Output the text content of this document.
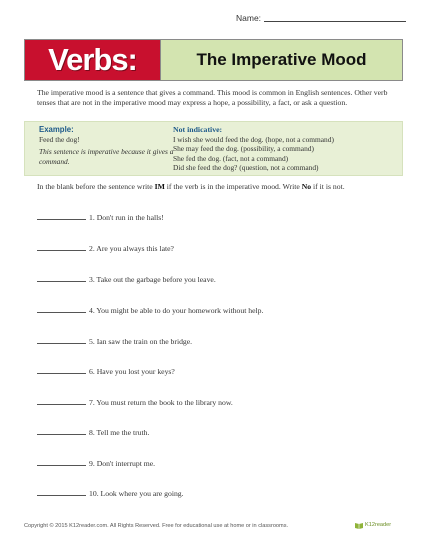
Name:
Verbs:	The Imperative Mood
The imperative mood is a sentence that gives a command. This mood is common in English sentences. Other verb tenses that are not in the imperative mood may express a hope, a possibility, a fact, or ask a question.
Example:
Feed the dog!
This sentence is imperative because it gives a command.
Not indicative:
I wish she would feed the dog. (hope, not a command)
She may feed the dog. (possibility, a command)
She fed the dog. (fact, not a command)
Did she feed the dog? (question, not a command)
In the blank before the sentence write IM if the verb is in the imperative mood. Write No if it is not.
1. Don't run in the halls!
2. Are you always this late?
3. Take out the garbage before you leave.
4. You might be able to do your homework without help.
5. Ian saw the train on the bridge.
6. Have you lost your keys?
7. You must return the book to the library now.
8. Tell me the truth.
9. Don't interrupt me.
10. Look where you are going.
Copyright © 2015 K12reader.com. All Rights Reserved. Free for educational use at home or in classrooms.	K12reader
